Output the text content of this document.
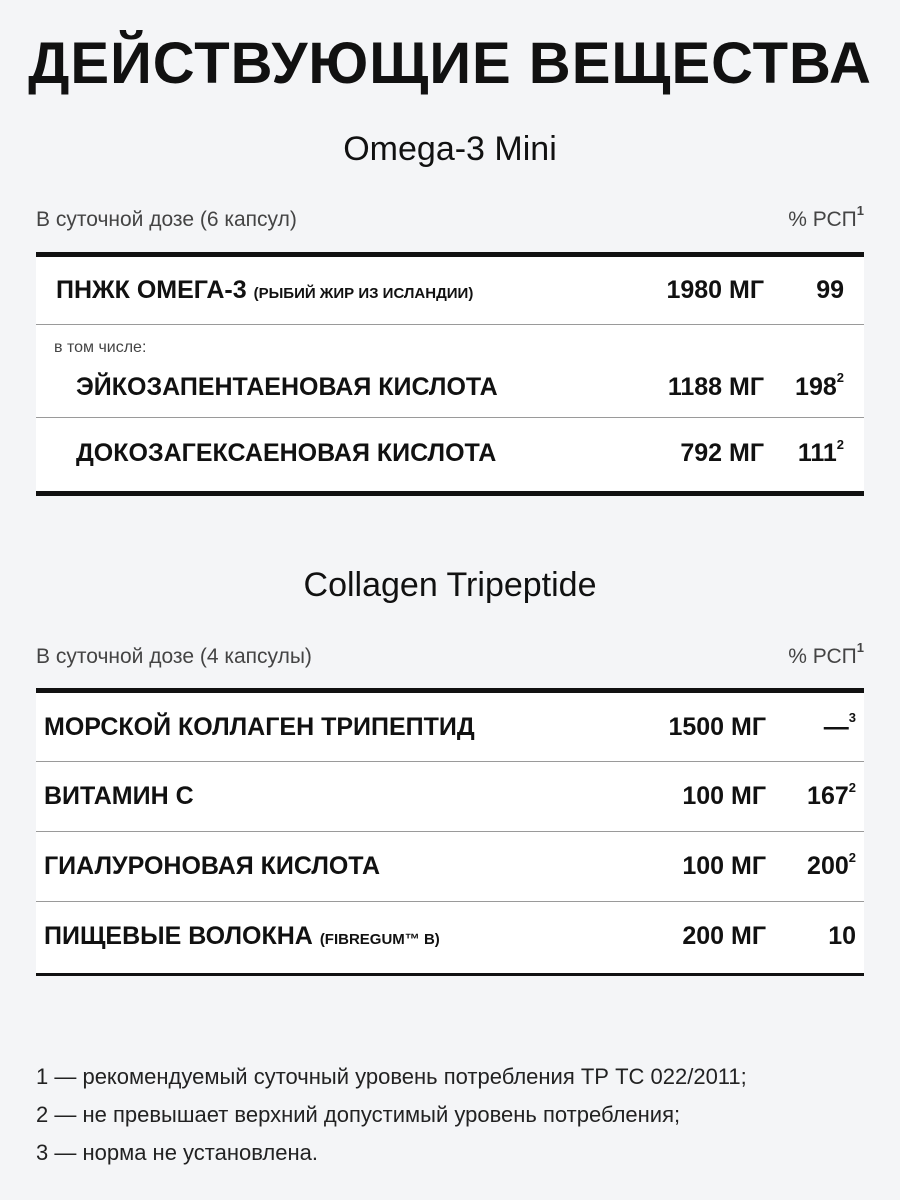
ДЕЙСТВУЮЩИЕ ВЕЩЕСТВА
Omega-3 Mini
В суточной дозе (6 капсул)	% РСП$^1$
ПНЖК ОМЕГА-3 (РЫБИЙ ЖИР ИЗ ИСЛАНДИИ)	1980 МГ	99
в том числе:
ЭЙКОЗАПЕНТАЕНОВАЯ КИСЛОТА	1188 МГ	$198^2$
ДОКОЗАГЕКСАЕНОВАЯ КИСЛОТА	792 МГ	$111^2$
Collagen Tripeptide
В суточной дозе (4 капсулы)	% РСП$^1$
МОРСКОЙ КОЛЛАГЕН ТРИПЕПТИД	1500 МГ	—$^3$
ВИТАМИН С	100 МГ	$167^2$
ГИАЛУРОНОВАЯ КИСЛОТА	100 МГ	$200^2$
ПИЩЕВЫЕ ВОЛОКНА (FIBREGUM™ B)	200 МГ	10
1 — рекомендуемый суточный уровень потребления ТР ТС 022/2011;
2 — не превышает верхний допустимый уровень потребления;
3 — норма не установлена.
